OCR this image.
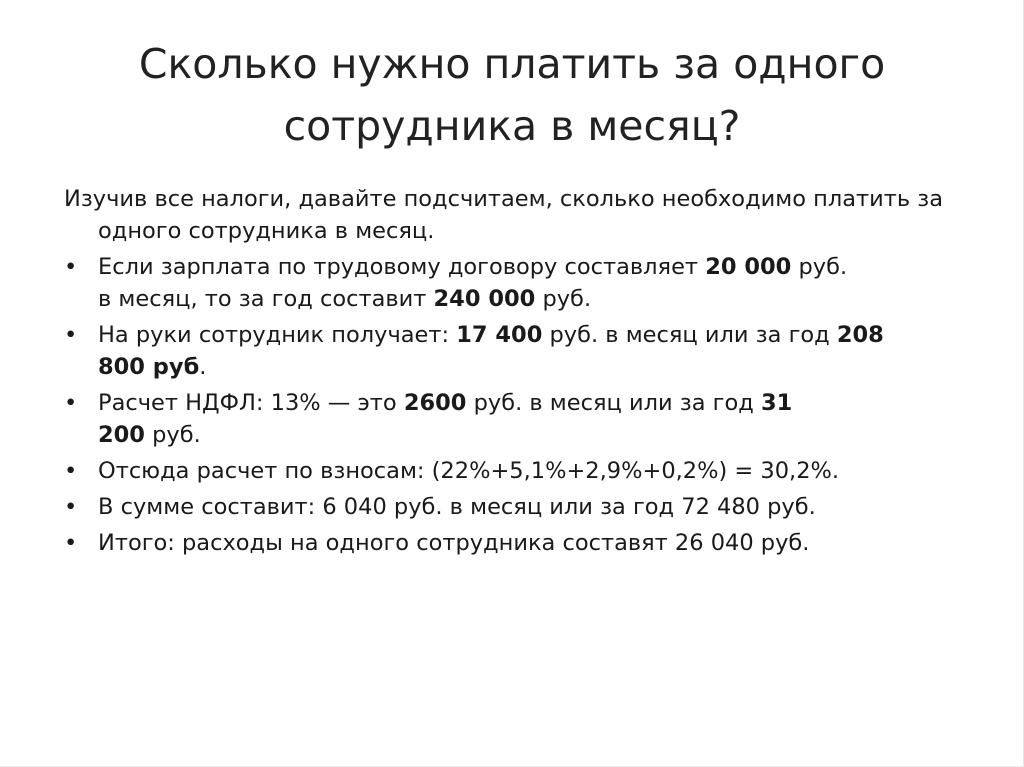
Сколько нужно платить за одного
сотрудника в месяц?

Изучив все налоги, давайте подсчитаем, сколько необходимо платить за одного сотрудника в месяц.

• Если зарплата по трудовому договору составляет 20 000 руб.
в месяц, то за год составит 240 000 руб.
• На руки сотрудник получает: 17 400 руб. в месяц или за год 208
800 руб.
• Расчет НДФЛ: 13% — это 2600 руб. в месяц или за год 31
200 руб.
• Отсюда расчет по взносам: (22%+5,1%+2,9%+0,2%) = 30,2%.
• В сумме составит: 6 040 руб. в месяц или за год 72 480 руб.
• Итого: расходы на одного сотрудника составят 26 040 руб.
